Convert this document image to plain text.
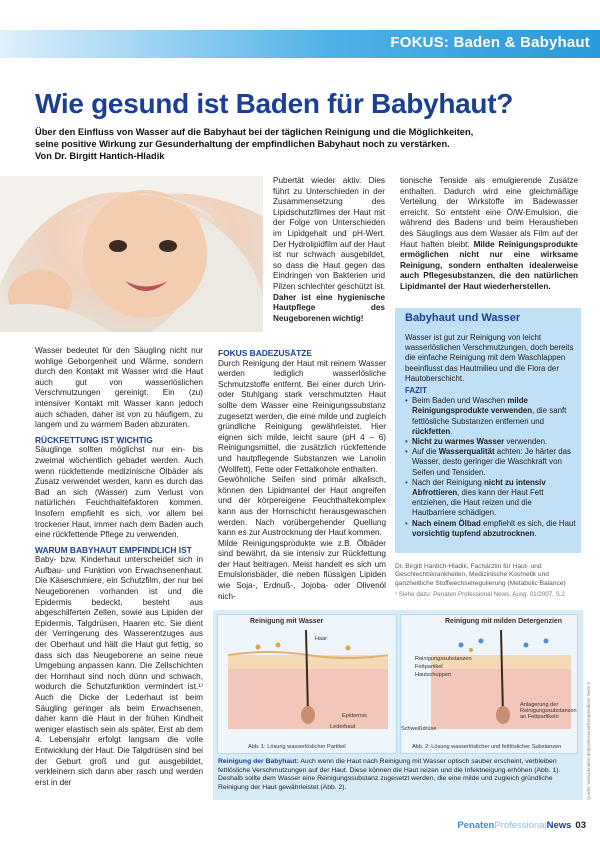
FOKUS: Baden & Babyhaut
Wie gesund ist Baden für Babyhaut?
Über den Einfluss von Wasser auf die Babyhaut bei der täglichen Reinigung und die Möglichkeiten,
seine positive Wirkung zur Gesunderhaltung der empfindlichen Babyhaut noch zu verstärken.
Von Dr. Birgitt Hantich-Hladik

Wasser bedeutet für den Säugling nicht nur wohlige Geborgenheit und Wärme, sondern durch den Kontakt mit Wasser wird die Haut auch gut von wasserlöslichen Verschmutzungen gereinigt. Ein (zu) intensiver Kontakt mit Wasser kann jedoch auch schaden, daher ist von zu häufigem, zu langem und zu warmem Baden abzuraten.

RÜCKFETTUNG IST WICHTIG

Säuglinge sollten möglichst nur ein- bis zweimal wöchentlich gebadet werden. Auch wenn rückfettende medizinische Ölbäder als Zusatz verwendet werden, kann es durch das Bad an sich (Wasser) zum Verlust von natürlichen Feuchthaltefaktoren kommen. Insofern empfiehlt es sich, vor allem bei trockener Haut, immer nach dem Baden auch eine rückfettende Pflege zu verwenden.

WARUM BABYHAUT EMPFINDLICH IST

Baby- bzw. Kinderhaut unterscheidet sich in Aufbau- und Funktion von Erwachsenenhaut. Die Käseschmiere, ein Schutzfilm, der nur bei Neugeborenen vorhanden ist und die Epidermis bedeckt, besteht aus abgeschilferten Zellen, sowie aus Lipiden der Epidermis, Talgdrüsen, Haaren etc. Sie dient der Verringerung des Wasserentzuges aus der Oberhaut und hält die Haut gut fettig, so dass sich das Neugeborene an seine neue Umgebung anpassen kann. Die Zellschichten der Hornhaut sind noch dünn und schwach, wodurch die Schutzfunktion vermindert ist.¹⁾ Auch die Dicke der Lederhaut ist beim Säugling geringer als beim Erwachsenen, daher kann die Haut in der frühen Kindheit weniger elastisch sein als später. Erst ab dem 4. Lebensjahr erfolgt langsam die volle Entwicklung der Haut. Die Talgdrüsen sind bei der Geburt groß und gut ausgebildet, verkleinern sich dann aber rasch und werden erst in der

Pubertät wieder aktiv. Dies führt zu Unterschieden in der Zusammensetzung des Lipidschutzfilmes der Haut mit der Folge von Unterschieden im Lipidgehalt und pH-Wert. Der Hydrolipidfilm auf der Haut ist nur schwach ausgebildet, so dass die Haut gegen das Eindringen von Bakterien und Pilzen schlechter geschützt ist. Daher ist eine hygienische Hautpflege des Neugeborenen wichtig!

FOKUS BADEZUSÄTZE

Durch Reinigung der Haut mit reinem Wasser werden lediglich wasserlösliche Schmutzstoffe entfernt. Bei einer durch Urin- oder Stuhlgang stark verschmutzten Haut sollte dem Wasser eine Reinigungssubstanz zugesetzt werden, die eine milde und zugleich gründliche Reinigung gewährleistet. Hier eignen sich milde, leicht saure (pH 4 – 6) Reinigungsmittel, die zusätzlich rückfettende und hautpflegende Substanzen wie Lanolin (Wollfett), Fette oder Fettalkohole enthalten.

Gewöhnliche Seifen sind primär alkalisch, können den Lipidmantel der Haut angreifen und der körpereigene Feuchthaltekomplex kann aus der Hornschicht herausgewaschen werden. Nach vorübergehender Quellung kann es zur Austrocknung der Haut kommen.

Milde Reinigungsprodukte wie z.B. Ölbäder sind bewährt, da sie intensiv zur Rückfettung der Haut beitragen. Meist handelt es sich um Emulsionsbäder, die neben flüssigen Lipiden wie Soja-, Erdnuß-, Jojoba- oder Olivenöl nich-

tionische Tenside als emulgierende Zusätze enthalten. Dadurch wird eine gleichmäßige Verteilung der Wirkstoffe im Badewasser erreicht. So entsteht eine Ö/W-Emulsion, die während des Badens und beim Herausheben des Säuglings aus dem Wasser als Film auf der Haut haften bleibt. Milde Reinigungsprodukte ermöglichen nicht nur eine wirksame Reinigung, sondern enthalten idealerweise auch Pflegesubstanzen, die den natürlichen Lipidmantel der Haut wiederherstellen.

Babyhaut und Wasser

Wasser ist gut zur Reinigung von leicht wasserlöslichen Verschmutzungen, doch bereits die einfache Reinigung mit dem Waschlappen beeinflusst das Hautmilieu und die Flora der Hautoberschicht.

FAZIT

• Beim Baden und Waschen milde Reinigungsprodukte verwenden, die sanft fettlösliche Substanzen entfernen und rückfetten.
• Nicht zu warmes Wasser verwenden.
• Auf die Wasserqualität achten: Je härter das Wasser, desto geringer die Waschkraft von Seifen und Tensiden.
• Nach der Reinigung nicht zu intensiv Abfrottieren, dies kann der Haut Fett entziehen, die Haut reizen und die Hautbarriere schädigen.
• Nach einem Ölbad empfiehlt es sich, die Haut vorsichtig tupfend abzutrocknen.
Dr. Birgitt Hantich-Hladik, Fachärztin für Haut- und Geschlechtskrankheiten, Medizinische Kosmetik und ganzheitliche Stoffwechselregulierung (Metabolic Balance)
¹ Siehe dazu: Penaten Professional News, Ausg. 01/2007, S.2
Reinigung mit Wasser	Reinigung mit milden Detergenzien
Haar
Epidermis
Lederhaut
Reinigungssubstanzen
Fettpartikel
Hautschuppen
Schweißdrüse
Anlagerung der Reinigungssubstanzen an Fettpartikeln
Abb. 1: Lösung wasserlöslicher Partikel	Abb. 2: Lösung wasserlöslicher und fettlöslicher Substanzen
Reinigung der Babyhaut: Auch wenn die Haut nach Reinigung mit Wasser optisch sauber erscheint, verbleiben fettlösliche Verschmutzungen auf der Haut. Diese können die Haut reizen und die Infektneigung erhöhen (Abb. 1). Deshalb sollte dem Wasser eine Reinigungssubstanz zugesetzt werden, die eine milde und zugleich gründliche Reinigung der Haut gewährleistet (Abb. 2).	Quelle: www.penaten.de/professional/kompendium/ Seite 5
PenatenProfessionalNews 03
